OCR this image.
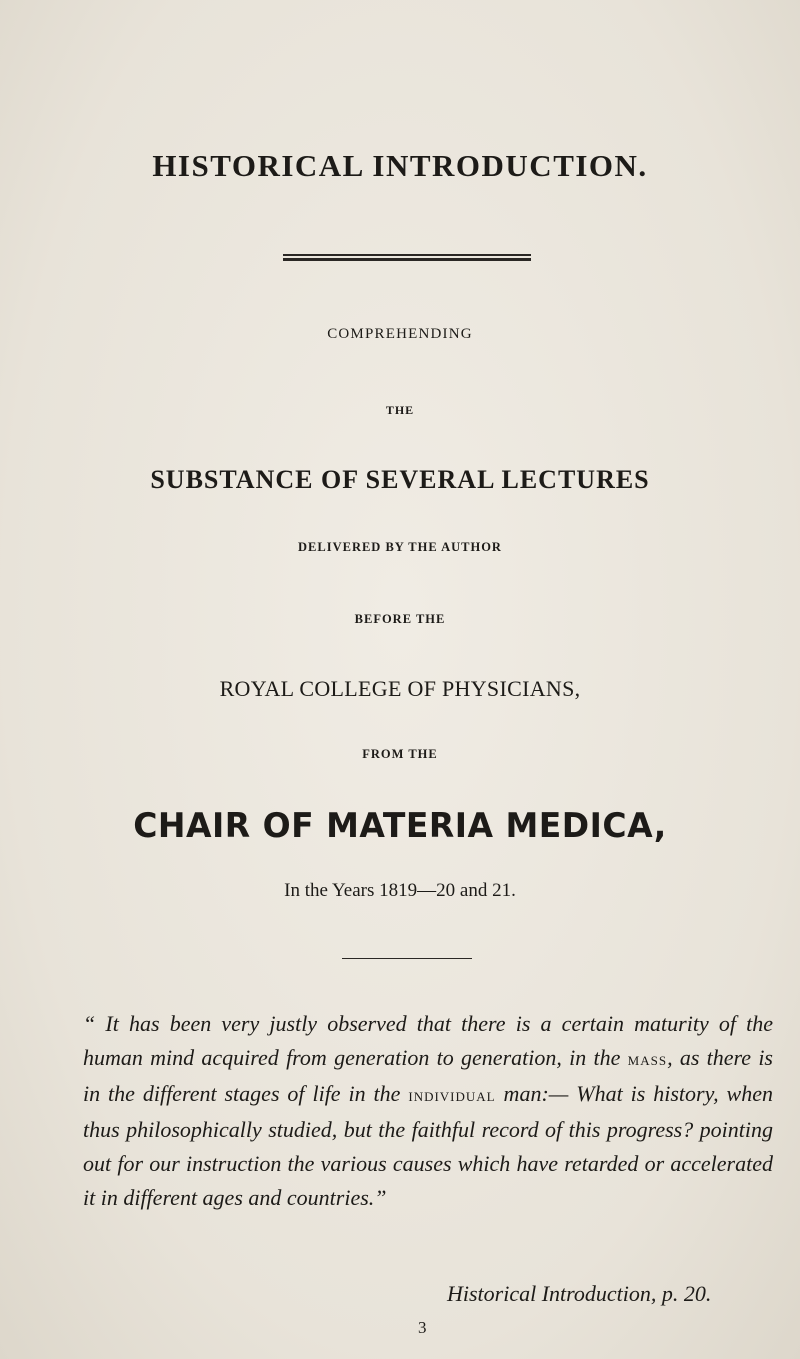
HISTORICAL INTRODUCTION.
COMPREHENDING
THE
SUBSTANCE OF SEVERAL LECTURES
DELIVERED BY THE AUTHOR
BEFORE THE
ROYAL COLLEGE OF PHYSICIANS,
FROM THE
CHAIR OF MATERIA MEDICA,
In the Years 1819—20 and 21.
“ It has been very justly observed that there is a certain maturity of the human mind acquired from generation to generation, in the mass, as there is in the different stages of life in the individual man:— What is history, when thus philosophically studied, but the faithful record of this progress? pointing out for our instruction the various causes which have retarded or accelerated it in different ages and countries.”
Historical Introduction, p. 20.
3
